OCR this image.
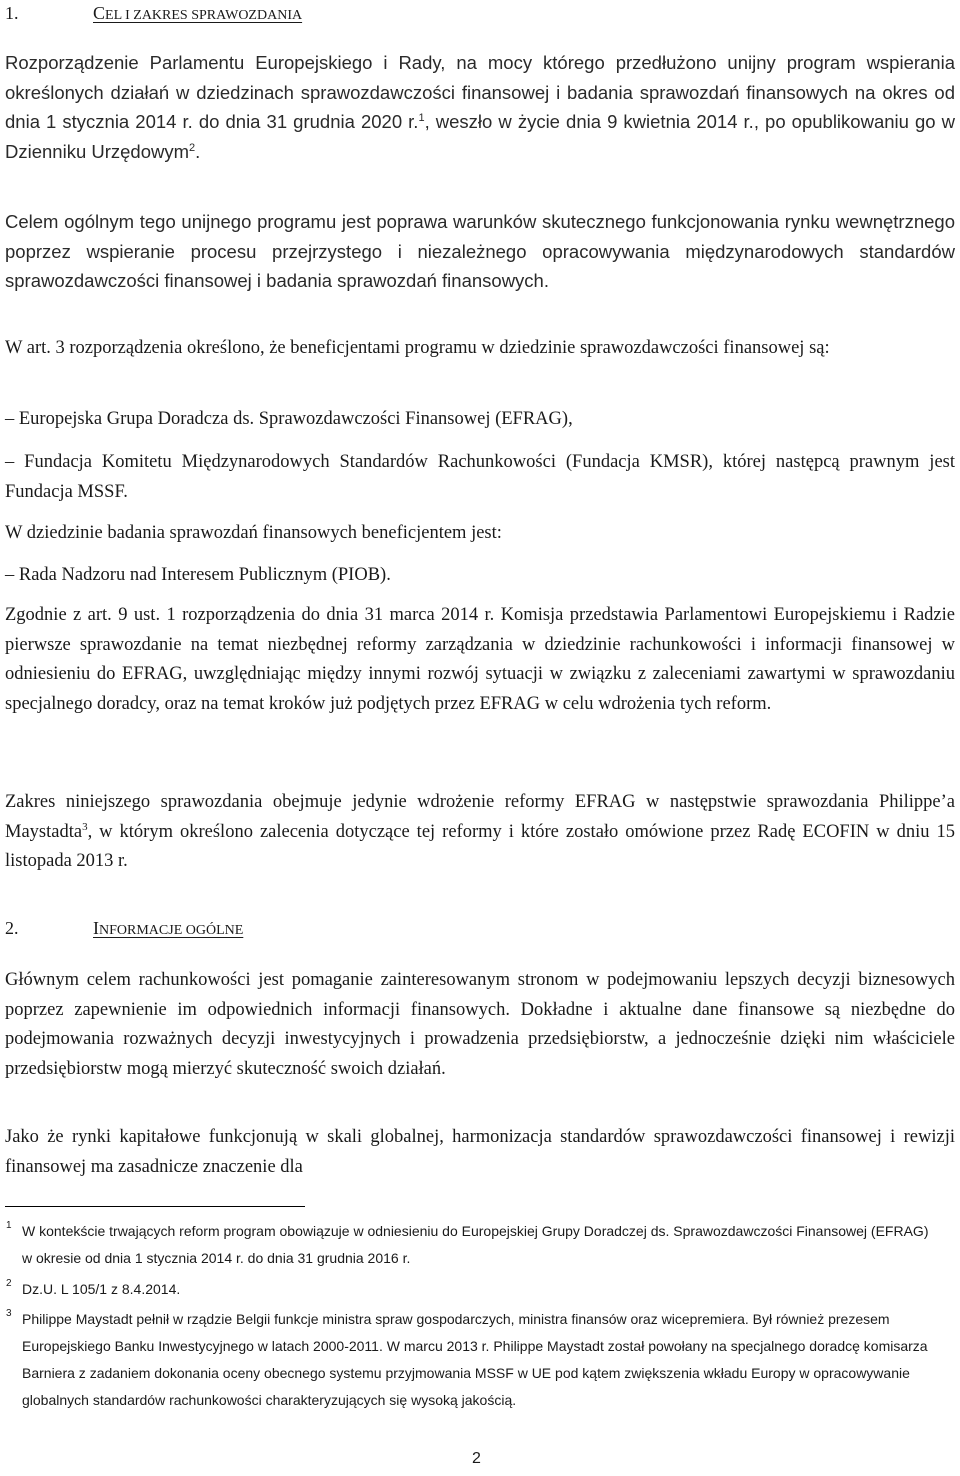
1.	CEL I ZAKRES SPRAWOZDANIA

Rozporządzenie Parlamentu Europejskiego i Rady, na mocy którego przedłużono unijny program wspierania określonych działań w dziedzinach sprawozdawczości finansowej i badania sprawozdań finansowych na okres od dnia 1 stycznia 2014 r. do dnia 31 grudnia 2020 r.$^1$, weszło w życie dnia 9 kwietnia 2014 r., po opublikowaniu go w Dzienniku Urzędowym$^2$.

Celem ogólnym tego unijnego programu jest poprawa warunków skutecznego funkcjonowania rynku wewnętrznego poprzez wspieranie procesu przejrzystego i niezależnego opracowywania międzynarodowych standardów sprawozdawczości finansowej i badania sprawozdań finansowych.

W art. 3 rozporządzenia określono, że beneficjentami programu w dziedzinie sprawozdawczości finansowej są:

– Europejska Grupa Doradcza ds. Sprawozdawczości Finansowej (EFRAG),

– Fundacja Komitetu Międzynarodowych Standardów Rachunkowości (Fundacja KMSR), której następcą prawnym jest Fundacja MSSF.

W dziedzinie badania sprawozdań finansowych beneficjentem jest:

– Rada Nadzoru nad Interesem Publicznym (PIOB).

Zgodnie z art. 9 ust. 1 rozporządzenia do dnia 31 marca 2014 r. Komisja przedstawia Parlamentowi Europejskiemu i Radzie pierwsze sprawozdanie na temat niezbędnej reformy zarządzania w dziedzinie rachunkowości i informacji finansowej w odniesieniu do EFRAG, uwzględniając między innymi rozwój sytuacji w związku z zaleceniami zawartymi w sprawozdaniu specjalnego doradcy, oraz na temat kroków już podjętych przez EFRAG w celu wdrożenia tych reform.

Zakres niniejszego sprawozdania obejmuje jedynie wdrożenie reformy EFRAG w następstwie sprawozdania Philippe’a Maystadta$^3$, w którym określono zalecenia dotyczące tej reformy i które zostało omówione przez Radę ECOFIN w dniu 15 listopada 2013 r.

2.	INFORMACJE OGÓLNE

Głównym celem rachunkowości jest pomaganie zainteresowanym stronom w podejmowaniu lepszych decyzji biznesowych poprzez zapewnienie im odpowiednich informacji finansowych. Dokładne i aktualne dane finansowe są niezbędne do podejmowania rozważnych decyzji inwestycyjnych i prowadzenia przedsiębiorstw, a jednocześnie dzięki nim właściciele przedsiębiorstw mogą mierzyć skuteczność swoich działań.

Jako że rynki kapitałowe funkcjonują w skali globalnej, harmonizacja standardów sprawozdawczości finansowej i rewizji finansowej ma zasadnicze znaczenie dla

1 W kontekście trwających reform program obowiązuje w odniesieniu do Europejskiej Grupy Doradczej ds. Sprawozdawczości Finansowej (EFRAG) w okresie od dnia 1 stycznia 2014 r. do dnia 31 grudnia 2016 r.

2 Dz.U. L 105/1 z 8.4.2014.

3 Philippe Maystadt pełnił w rządzie Belgii funkcje ministra spraw gospodarczych, ministra finansów oraz wicepremiera. Był również prezesem Europejskiego Banku Inwestycyjnego w latach 2000-2011. W marcu 2013 r. Philippe Maystadt został powołany na specjalnego doradcę komisarza Barniera z zadaniem dokonania oceny obecnego systemu przyjmowania MSSF w UE pod kątem zwiększenia wkładu Europy w opracowywanie globalnych standardów rachunkowości charakteryzujących się wysoką jakością.

2
